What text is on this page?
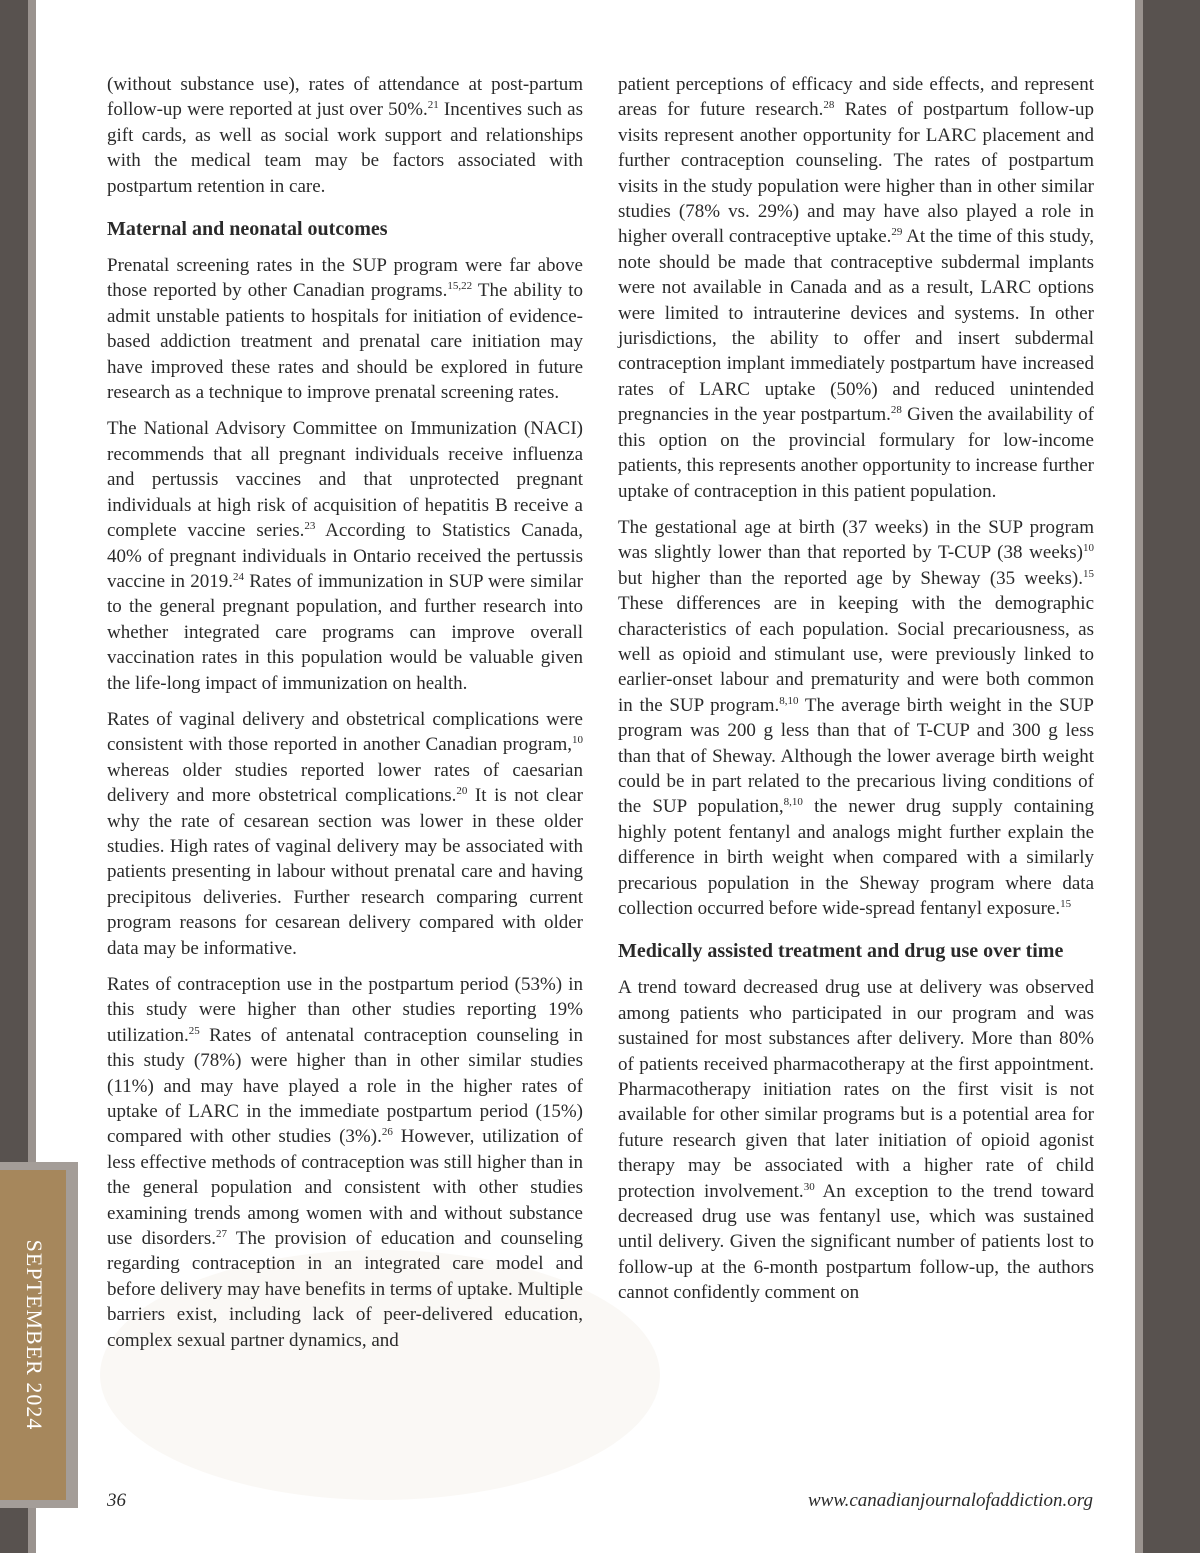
SEPTEMBER 2024

(without substance use), rates of attendance at post-partum follow-up were reported at just over 50%.$^{21}$ Incentives such as gift cards, as well as social work support and relationships with the medical team may be factors associated with postpartum retention in care.

Maternal and neonatal outcomes

Prenatal screening rates in the SUP program were far above those reported by other Canadian programs.$^{15,22}$ The ability to admit unstable patients to hospitals for initiation of evidence-based addiction treatment and prenatal care initiation may have improved these rates and should be explored in future research as a technique to improve prenatal screening rates.

The National Advisory Committee on Immunization (NACI) recommends that all pregnant individuals receive influenza and pertussis vaccines and that unprotected pregnant individuals at high risk of acquisition of hepatitis B receive a complete vaccine series.$^{23}$ According to Statistics Canada, 40% of pregnant individuals in Ontario received the pertussis vaccine in 2019.24 Rates of immunization in SUP were similar to the general pregnant population, and further research into whether integrated care programs can improve overall vaccination rates in this population would be valuable given the life-long impact of immunization on health.

Rates of vaginal delivery and obstetrical complications were consistent with those reported in another Canadian program,$^{10}$ whereas older studies reported lower rates of caesarian delivery and more obstetrical complications.$^{20}$ It is not clear why the rate of cesarean section was lower in these older studies. High rates of vaginal delivery may be associated with patients presenting in labour without prenatal care and having precipitous deliveries. Further research comparing current program reasons for cesarean delivery compared with older data may be informative.

Rates of contraception use in the postpartum period (53%) in this study were higher than other studies reporting 19% utilization.$^{25}$ Rates of antenatal contraception counseling in this study (78%) were higher than in other similar studies (11%) and may have played a role in the higher rates of uptake of LARC in the immediate postpartum period (15%) compared with other studies (3%).$^{26}$ However, utilization of less effective methods of contraception was still higher than in the general population and consistent with other studies examining trends among women with and without substance use disorders.$^{27}$ The provision of education and counseling regarding contraception in an integrated care model and before delivery may have benefits in terms of uptake. Multiple barriers exist, including lack of peer-delivered education, complex sexual partner dynamics, and

patient perceptions of efficacy and side effects, and represent areas for future research.$^{28}$ Rates of postpartum follow-up visits represent another opportunity for LARC placement and further contraception counseling. The rates of postpartum visits in the study population were higher than in other similar studies (78% vs. 29%) and may have also played a role in higher overall contraceptive uptake.$^{29}$ At the time of this study, note should be made that contraceptive subdermal implants were not available in Canada and as a result, LARC options were limited to intrauterine devices and systems. In other jurisdictions, the ability to offer and insert subdermal contraception implant immediately postpartum have increased rates of LARC uptake (50%) and reduced unintended pregnancies in the year postpartum.$^{28}$ Given the availability of this option on the provincial formulary for low-income patients, this represents another opportunity to increase further uptake of contraception in this patient population.

The gestational age at birth (37 weeks) in the SUP program was slightly lower than that reported by T-CUP (38 weeks)$^{10}$ but higher than the reported age by Sheway (35 weeks).$^{15}$ These differences are in keeping with the demographic characteristics of each population. Social precariousness, as well as opioid and stimulant use, were previously linked to earlier-onset labour and prematurity and were both common in the SUP program.$^{8,10}$ The average birth weight in the SUP program was 200 g less than that of T-CUP and 300 g less than that of Sheway. Although the lower average birth weight could be in part related to the precarious living conditions of the SUP population,$^{8,10}$ the newer drug supply containing highly potent fentanyl and analogs might further explain the difference in birth weight when compared with a similarly precarious population in the Sheway program where data collection occurred before wide-spread fentanyl exposure.$^{15}$

Medically assisted treatment and drug use over time

A trend toward decreased drug use at delivery was observed among patients who participated in our program and was sustained for most substances after delivery. More than 80% of patients received pharmacotherapy at the first appointment. Pharmacotherapy initiation rates on the first visit is not available for other similar programs but is a potential area for future research given that later initiation of opioid agonist therapy may be associated with a higher rate of child protection involvement.$^{30}$ An exception to the trend toward decreased drug use was fentanyl use, which was sustained until delivery. Given the significant number of patients lost to follow-up at the 6-month postpartum follow-up, the authors cannot confidently comment on

36	www.canadianjournalofaddiction.org
